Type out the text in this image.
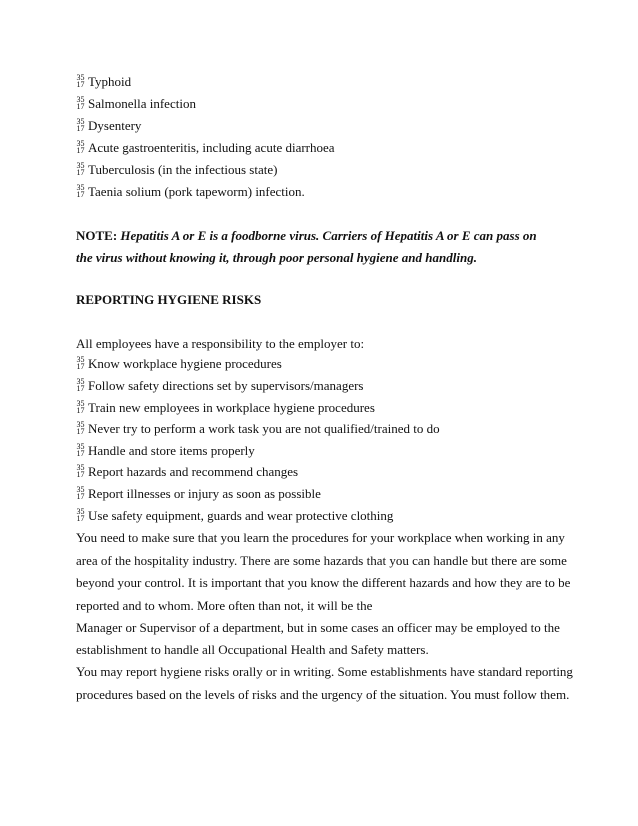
35
17 Typhoid
35
17 Salmonella infection
35
17 Dysentery
35
17 Acute gastroenteritis, including acute diarrhoea
35
17 Tuberculosis (in the infectious state)
35
17 Taenia solium (pork tapeworm) infection.
NOTE: Hepatitis A or E is a foodborne virus. Carriers of Hepatitis A or E can pass on
the virus without knowing it, through poor personal hygiene and handling.
REPORTING HYGIENE RISKS
All employees have a responsibility to the employer to:
35
17 Know workplace hygiene procedures
35
17 Follow safety directions set by supervisors/managers
35
17 Train new employees in workplace hygiene procedures
35
17 Never try to perform a work task you are not qualified/trained to do
35
17 Handle and store items properly
35
17 Report hazards and recommend changes
35
17 Report illnesses or injury as soon as possible
35
17 Use safety equipment, guards and wear protective clothing
You need to make sure that you learn the procedures for your workplace when working in any
area of the hospitality industry. There are some hazards that you can handle but there are some
beyond your control. It is important that you know the different hazards and how they are to be
reported and to whom. More often than not, it will be the
Manager or Supervisor of a department, but in some cases an officer may be employed to the
establishment to handle all Occupational Health and Safety matters.
You may report hygiene risks orally or in writing. Some establishments have standard reporting
procedures based on the levels of risks and the urgency of the situation. You must follow them.
